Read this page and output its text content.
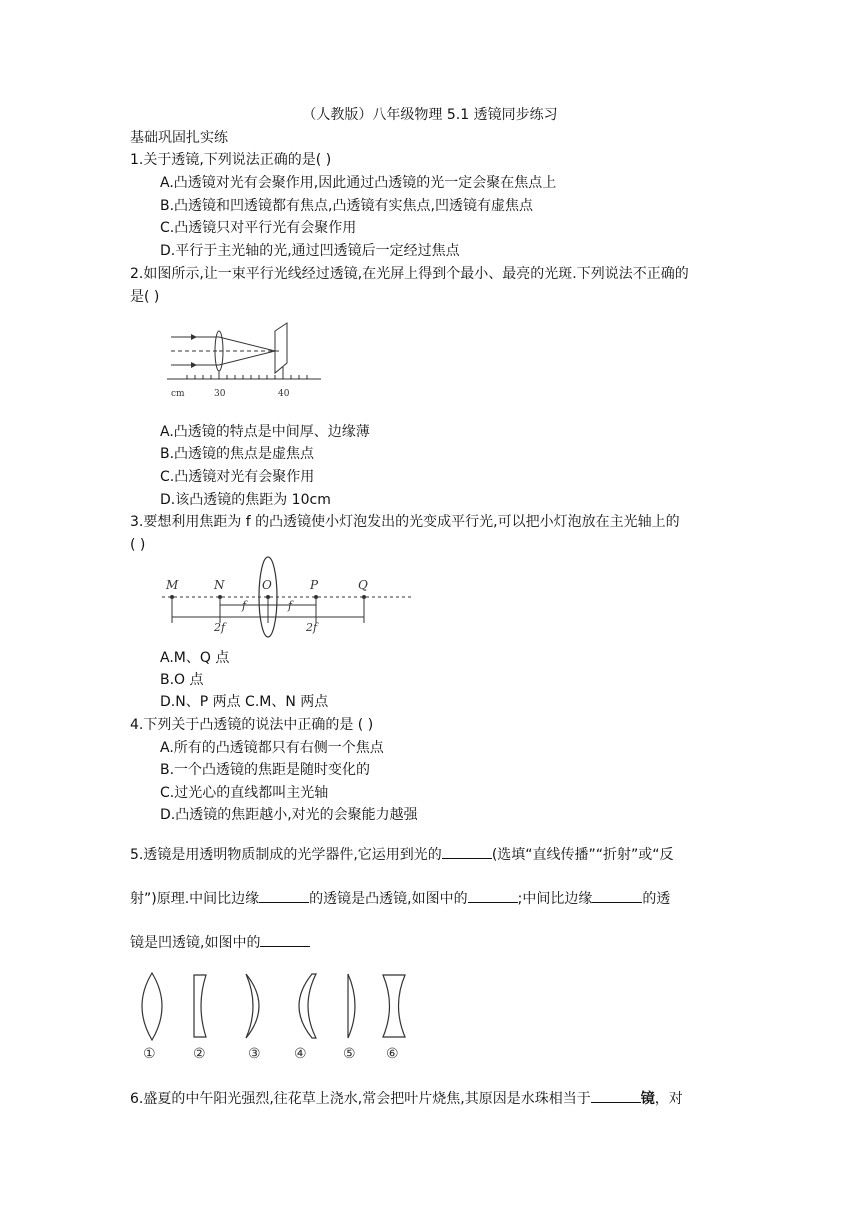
（人教版）八年级物理 5.1 透镜同步练习
基础巩固扎实练
1.关于透镜,下列说法正确的是( )
A.凸透镜对光有会聚作用,因此通过凸透镜的光一定会聚在焦点上
B.凸透镜和凹透镜都有焦点,凸透镜有实焦点,凹透镜有虚焦点
C.凸透镜只对平行光有会聚作用
D.平行于主光轴的光,通过凹透镜后一定经过焦点
2.如图所示,让一束平行光线经过透镜,在光屏上得到个最小、最亮的光斑.下列说法不正确的
是( )
cm	30	40
A.凸透镜的特点是中间厚、边缘薄
B.凸透镜的焦点是虚焦点
C.凸透镜对光有会聚作用
D.该凸透镜的焦距为 10cm
3.要想利用焦距为 f 的凸透镜使小灯泡发出的光变成平行光,可以把小灯泡放在主光轴上的
( )
M	N	O	P	Q
f	f
2f	2f
A.M、Q 点
B.O 点
D.N、P 两点 C.M、N 两点
4.下列关于凸透镜的说法中正确的是 ( )
A.所有的凸透镜都只有右侧一个焦点
B.一个凸透镜的焦距是随时变化的
C.过光心的直线都叫主光轴
D.凸透镜的焦距越小,对光的会聚能力越强
5.透镜是用透明物质制成的光学器件,它运用到光的	(选填“直线传播”“折射”或“反
射”)原理.中间比边缘	的透镜是凸透镜,如图中的	;中间比边缘	的透
镜是凹透镜,如图中的
①	②	③ ④	⑤ ⑥
6.盛夏的中午阳光强烈,往花草上浇水,常会把叶片烧焦,其原因是水珠相当于	镜，对
